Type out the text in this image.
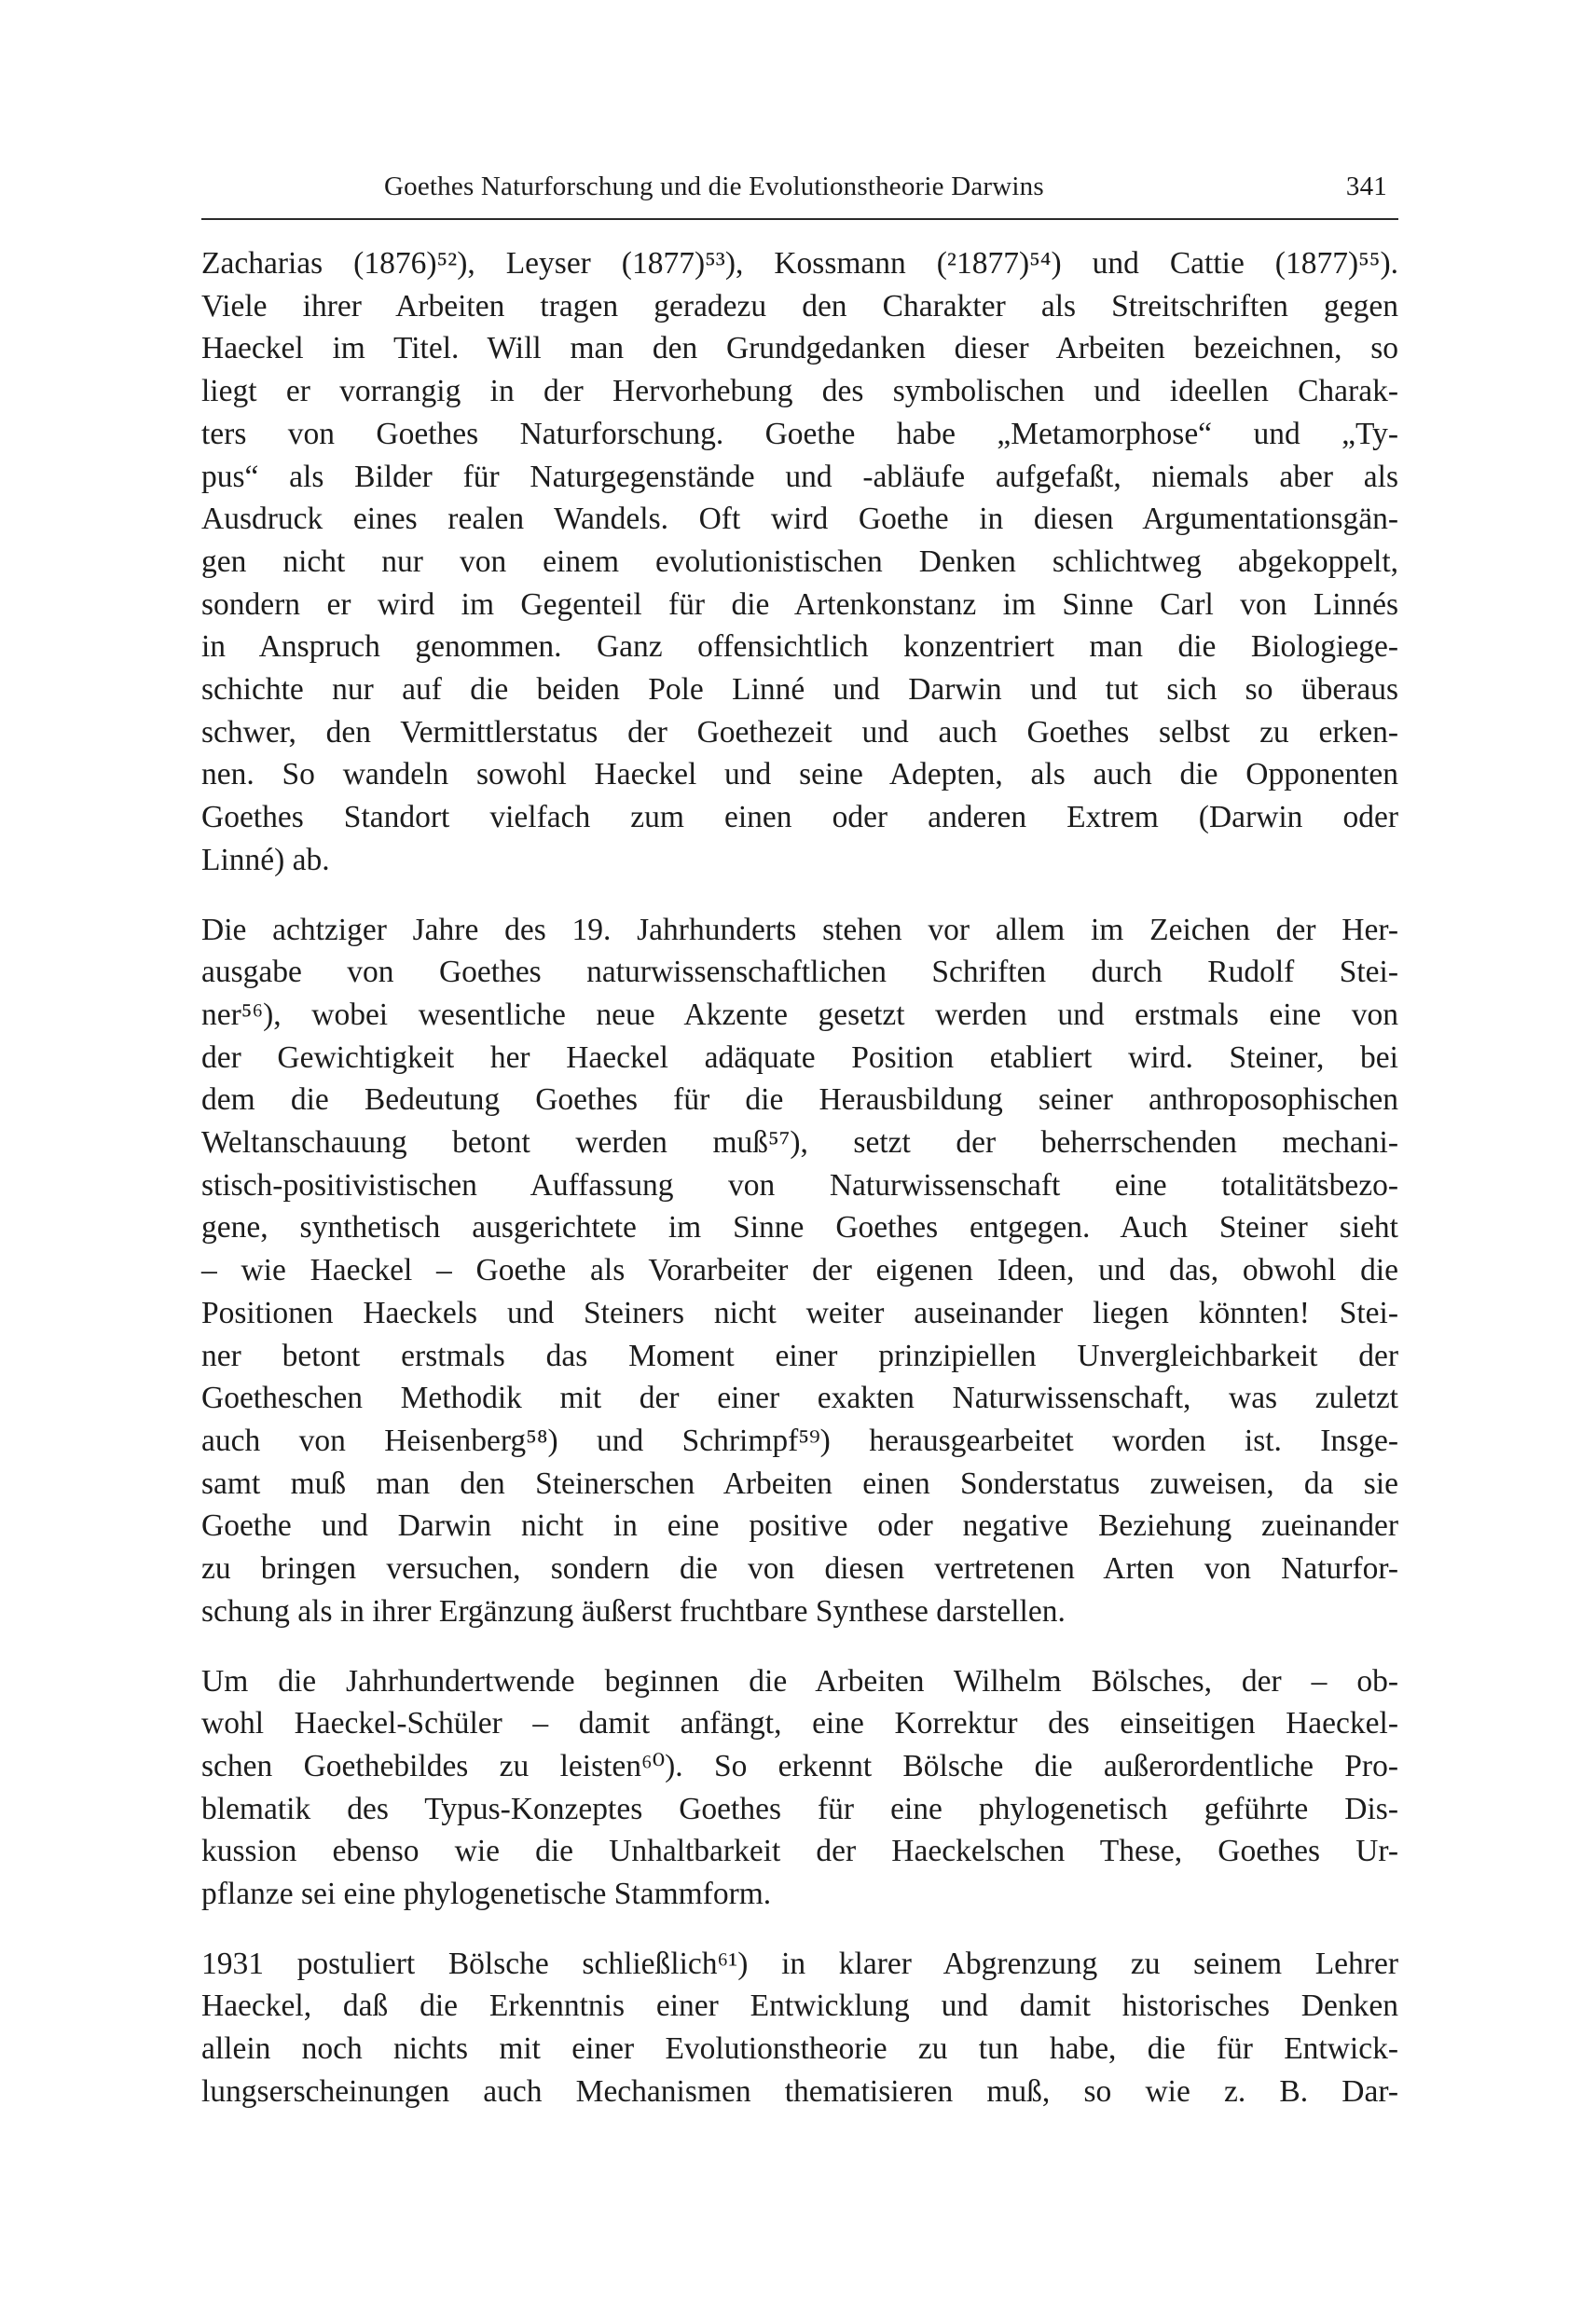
Goethes Naturforschung und die Evolutionstheorie Darwins	341

Zacharias (1876)⁵²), Leyser (1877)⁵³), Kossmann (²1877)⁵⁴) und Cattie (1877)⁵⁵).
Viele ihrer Arbeiten tragen geradezu den Charakter als Streitschriften gegen
Haeckel im Titel. Will man den Grundgedanken dieser Arbeiten bezeichnen, so
liegt er vorrangig in der Hervorhebung des symbolischen und ideellen Charak-
ters von Goethes Naturforschung. Goethe habe „Metamorphose“ und „Ty-
pus“ als Bilder für Naturgegenstände und -abläufe aufgefaßt, niemals aber als
Ausdruck eines realen Wandels. Oft wird Goethe in diesen Argumentationsgän-
gen nicht nur von einem evolutionistischen Denken schlichtweg abgekoppelt,
sondern er wird im Gegenteil für die Artenkonstanz im Sinne Carl von Linnés
in Anspruch genommen. Ganz offensichtlich konzentriert man die Biologiege-
schichte nur auf die beiden Pole Linné und Darwin und tut sich so überaus
schwer, den Vermittlerstatus der Goethezeit und auch Goethes selbst zu erken-
nen. So wandeln sowohl Haeckel und seine Adepten, als auch die Opponenten
Goethes Standort vielfach zum einen oder anderen Extrem (Darwin oder
Linné) ab.

Die achtziger Jahre des 19. Jahrhunderts stehen vor allem im Zeichen der Her-
ausgabe von Goethes naturwissenschaftlichen Schriften durch Rudolf Stei-
ner⁵⁶), wobei wesentliche neue Akzente gesetzt werden und erstmals eine von
der Gewichtigkeit her Haeckel adäquate Position etabliert wird. Steiner, bei
dem die Bedeutung Goethes für die Herausbildung seiner anthroposophischen
Weltanschauung betont werden muß⁵⁷), setzt der beherrschenden mechani-
stisch-positivistischen Auffassung von Naturwissenschaft eine totalitätsbezo-
gene, synthetisch ausgerichtete im Sinne Goethes entgegen. Auch Steiner sieht
– wie Haeckel – Goethe als Vorarbeiter der eigenen Ideen, und das, obwohl die
Positionen Haeckels und Steiners nicht weiter auseinander liegen könnten! Stei-
ner betont erstmals das Moment einer prinzipiellen Unvergleichbarkeit der
Goetheschen Methodik mit der einer exakten Naturwissenschaft, was zuletzt
auch von Heisenberg⁵⁸) und Schrimpf⁵⁹) herausgearbeitet worden ist. Insge-
samt muß man den Steinerschen Arbeiten einen Sonderstatus zuweisen, da sie
Goethe und Darwin nicht in eine positive oder negative Beziehung zueinander
zu bringen versuchen, sondern die von diesen vertretenen Arten von Naturfor-
schung als in ihrer Ergänzung äußerst fruchtbare Synthese darstellen.

Um die Jahrhundertwende beginnen die Arbeiten Wilhelm Bölsches, der – ob-
wohl Haeckel-Schüler – damit anfängt, eine Korrektur des einseitigen Haeckel-
schen Goethebildes zu leisten⁶⁰). So erkennt Bölsche die außerordentliche Pro-
blematik des Typus-Konzeptes Goethes für eine phylogenetisch geführte Dis-
kussion ebenso wie die Unhaltbarkeit der Haeckelschen These, Goethes Ur-
pflanze sei eine phylogenetische Stammform.

1931 postuliert Bölsche schließlich⁶¹) in klarer Abgrenzung zu seinem Lehrer
Haeckel, daß die Erkenntnis einer Entwicklung und damit historisches Denken
allein noch nichts mit einer Evolutionstheorie zu tun habe, die für Entwick-
lungserscheinungen auch Mechanismen thematisieren muß, so wie z. B. Dar-
